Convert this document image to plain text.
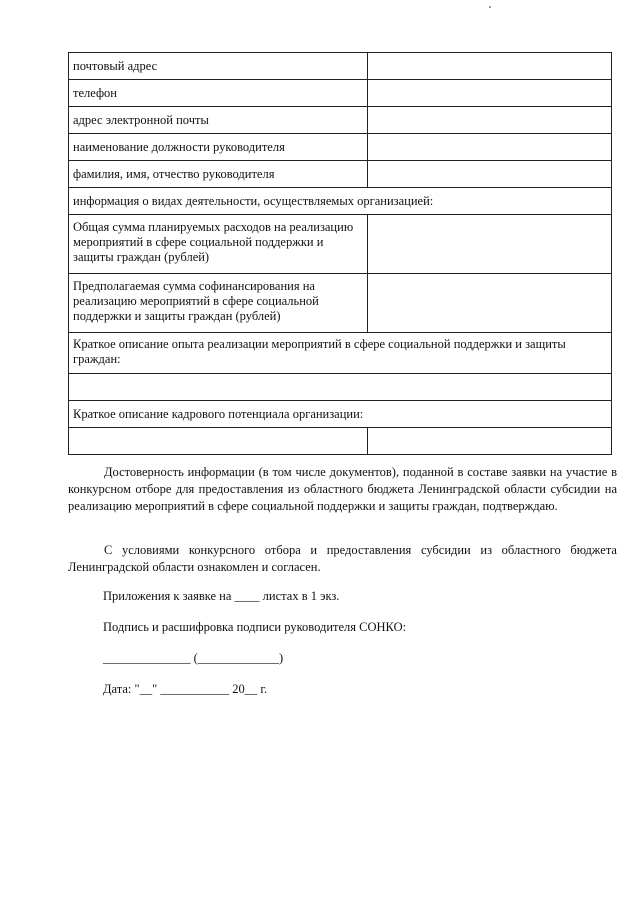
почтовый адрес	
телефон	
адрес электронной почты	
наименование должности руководителя	
фамилия, имя, отчество руководителя	
информация о видах деятельности, осуществляемых организацией:	
Общая сумма планируемых расходов на реализацию мероприятий в сфере социальной поддержки и защиты граждан (рублей)	
Предполагаемая сумма софинансирования на реализацию мероприятий в сфере социальной поддержки и защиты граждан (рублей)	
Краткое описание опыта реализации мероприятий в сфере социальной поддержки и защиты граждан:	

Краткое описание кадрового потенциала организации:	

Достоверность информации (в том числе документов), поданной в составе заявки на участие в конкурсном отборе для предоставления из областного бюджета Ленинградской области субсидии на реализацию мероприятий в сфере социальной поддержки и защиты граждан, подтверждаю.

С условиями конкурсного отбора и предоставления субсидии из областного бюджета Ленинградской области ознакомлен и согласен.

Приложения к заявке на ____ листах в 1 экз.

Подпись и расшифровка подписи руководителя СОНКО:

______________ (_____________)

Дата: "__" ___________ 20__ г.
